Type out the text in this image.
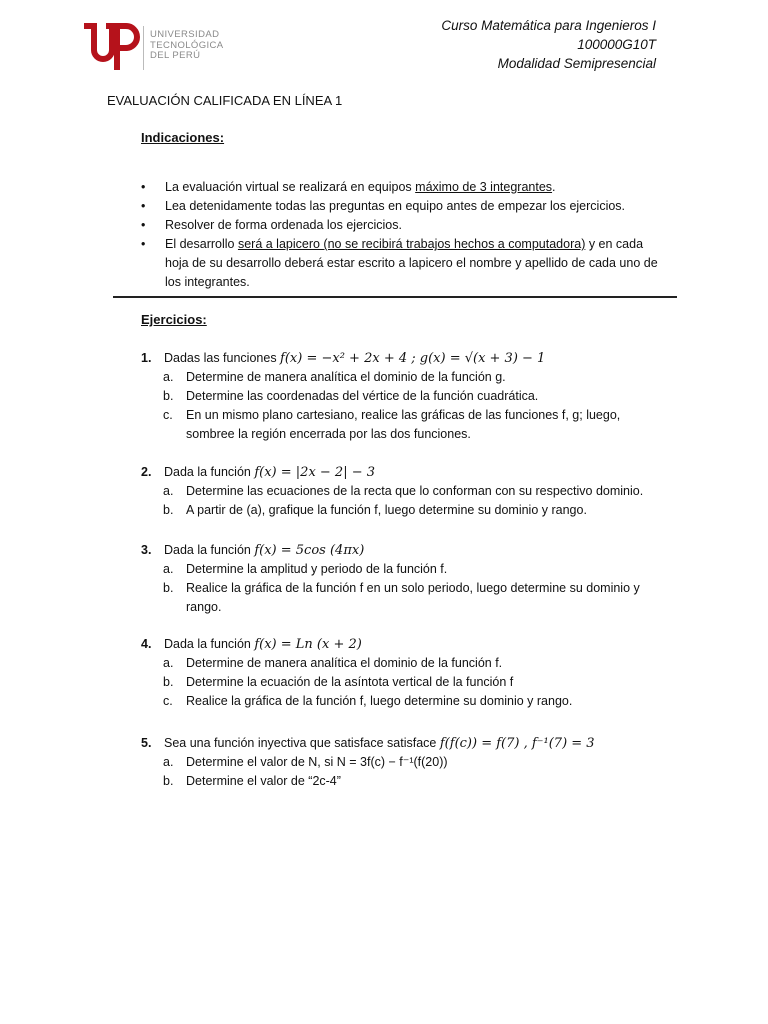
UNIVERSIDAD
TECNOLÓGICA
DEL PERÚ
Curso Matemática para Ingenieros I
100000G10T
Modalidad Semipresencial
EVALUACIÓN CALIFICADA EN LÍNEA 1
Indicaciones:
• La evaluación virtual se realizará en equipos máximo de 3 integrantes.
• Lea detenidamente todas las preguntas en equipo antes de empezar los ejercicios.
• Resolver de forma ordenada los ejercicios.
• El desarrollo será a lapicero (no se recibirá trabajos hechos a computadora) y en cada hoja de su desarrollo deberá estar escrito a lapicero el nombre y apellido de cada uno de los integrantes.
Ejercicios:
1. Dadas las funciones f(x) = −x² + 2x + 4 ; g(x) = √(x + 3) − 1
a. Determine de manera analítica el dominio de la función g.
b. Determine las coordenadas del vértice de la función cuadrática.
c. En un mismo plano cartesiano, realice las gráficas de las funciones f, g; luego, sombree la región encerrada por las dos funciones.
2. Dada la función f(x) = |2x − 2| − 3
a. Determine las ecuaciones de la recta que lo conforman con su respectivo dominio.
b. A partir de (a), grafique la función f, luego determine su dominio y rango.
3. Dada la función f(x) = 5cos (4πx)
a. Determine la amplitud y periodo de la función f.
b. Realice la gráfica de la función f en un solo periodo, luego determine su dominio y rango.
4. Dada la función f(x) = Ln (x + 2)
a. Determine de manera analítica el dominio de la función f.
b. Determine la ecuación de la asíntota vertical de la función f
c. Realice la gráfica de la función f, luego determine su dominio y rango.
5. Sea una función inyectiva que satisface satisface f(f(c)) = f(7) , f⁻¹(7) = 3
a. Determine el valor de N, si N = 3f(c) − f⁻¹(f(20))
b. Determine el valor de “2c-4”
